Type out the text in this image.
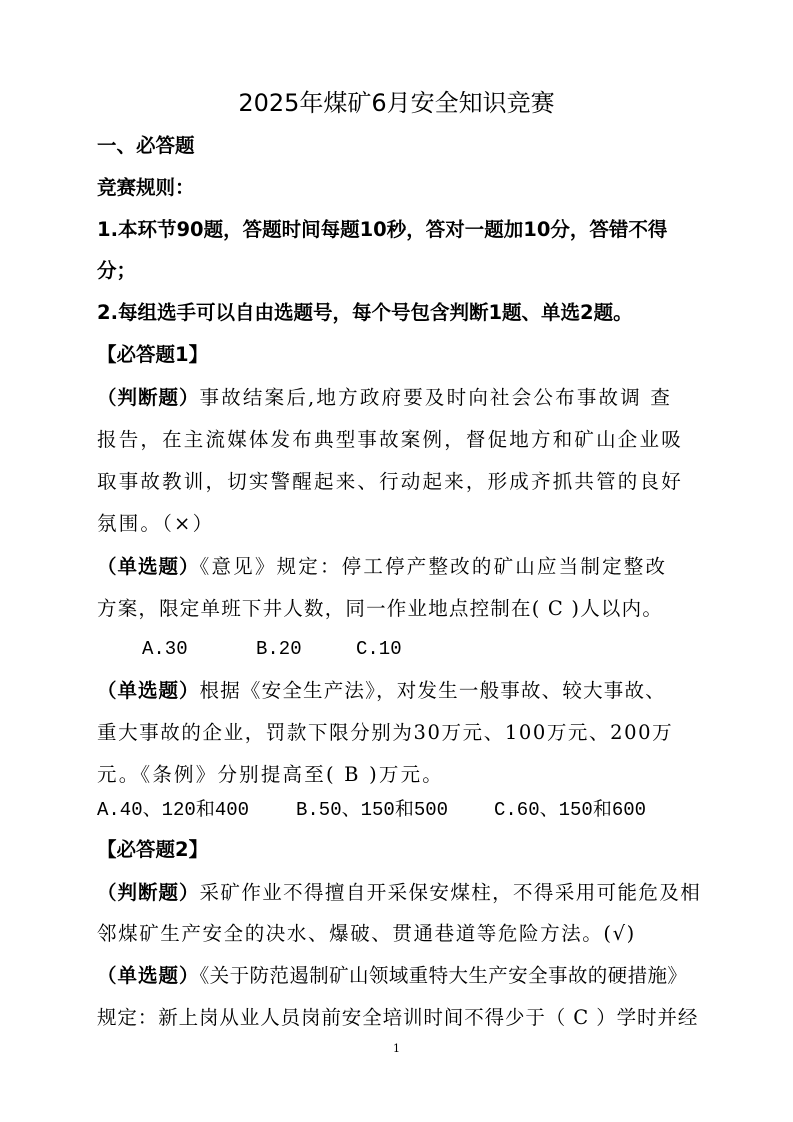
2025年煤矿6月安全知识竞赛
一、必答题
竞赛规则：
1.本环节90题，答题时间每题10秒，答对一题加10分，答错不得
分；
2.每组选手可以自由选题号，每个号包含判断1题、单选2题。
【必答题1】
（判断题）事故结案后,地方政府要及时向社会公布事故调 查
报告，在主流媒体发布典型事故案例，督促地方和矿山企业吸
取事故教训，切实警醒起来、行动起来，形成齐抓共管的良好
氛围。（×）
（单选题）《意见》规定：停工停产整改的矿山应当制定整改
方案，限定单班下井人数，同一作业地点控制在( C )人以内。
A.30	B.20	C.10
（单选题）根据《安全生产法》，对发生一般事故、较大事故、
重大事故的企业，罚款下限分别为30万元、100万元、200万
元。《条例》分别提高至( B )万元。
A.40、120和400 B.50、150和500 C.60、150和600
【必答题2】
（判断题）采矿作业不得擅自开采保安煤柱，不得采用可能危及相
邻煤矿生产安全的决水、爆破、贯通巷道等危险方法。(√)
（单选题）《关于防范遏制矿山领域重特大生产安全事故的硬措施》
规定：新上岗从业人员岗前安全培训时间不得少于（ C ）学时并经
1
